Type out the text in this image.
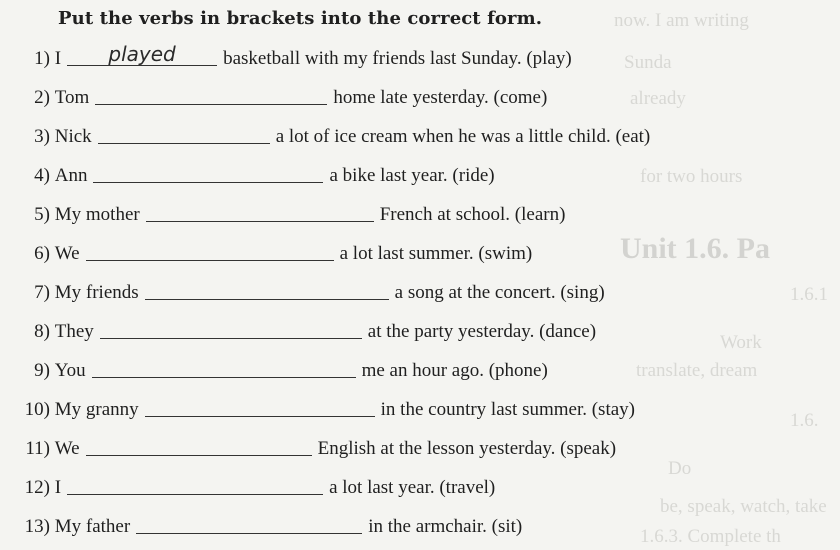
now. I am writing
Sunda
already
for two hours
Unit 1.6. Pa
1.6.1
Work
translate, dream
1.6.
Do
be, speak, watch, take
1.6.3. Complete th
Put the verbs in brackets into the correct form.
1)
I	played	basketball with my friends last Sunday. (play)
2)
Tom	home late yesterday. (come)
3)
Nick	a lot of ice cream when he was a little child. (eat)
4)
Ann	a bike last year. (ride)
5)
My mother	French at school. (learn)
6)
We	a lot last summer. (swim)
7)
My friends	a song at the concert. (sing)
8)
They	at the party yesterday. (dance)
9)
You	me an hour ago. (phone)
10)
My granny	in the country last summer. (stay)
11)
We	English at the lesson yesterday. (speak)
12)
I	a lot last year. (travel)
13)
My father	in the armchair. (sit)
